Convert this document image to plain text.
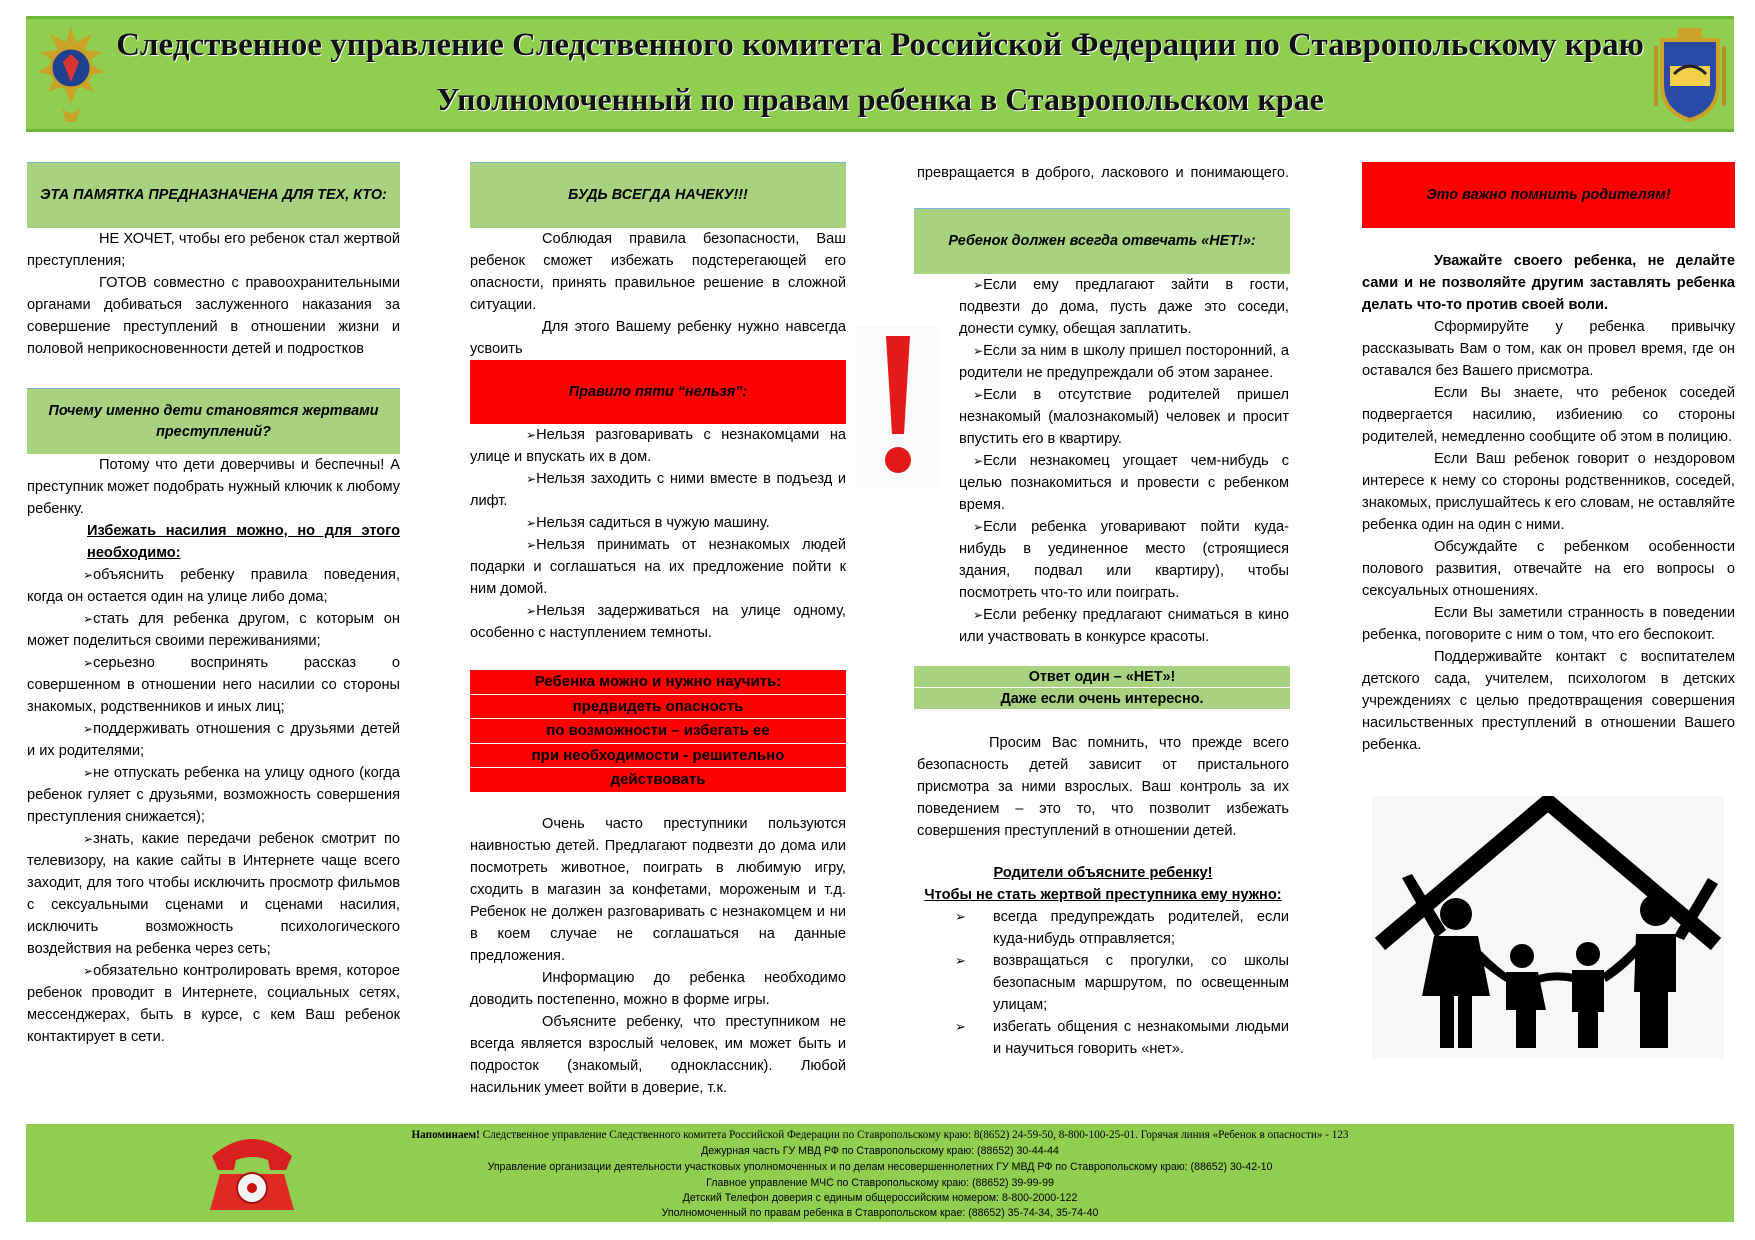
Следственное управление Следственного комитета Российской Федерации по Ставропольскому краю
Уполномоченный по правам ребенка в Ставропольском крае
ЭТА ПАМЯТКА ПРЕДНАЗНАЧЕНА ДЛЯ ТЕХ, КТО:
НЕ ХОЧЕТ, чтобы его ребенок стал жертвой преступления;
ГОТОВ совместно с правоохранительными органами добиваться заслуженного наказания за совершение преступлений в отношении жизни и половой неприкосновенности детей и подростков
Почему именно дети становятся жертвами преступлений?
Потому что дети доверчивы и беспечны! А преступник может подобрать нужный ключик к любому ребенку.
Избежать насилия можно, но для этого необходимо:
➢объяснить ребенку правила поведения, когда он остается один на улице либо дома;
➢стать для ребенка другом, с которым он может поделиться своими переживаниями;
➢серьезно воспринять рассказ о совершенном в отношении него насилии со стороны знакомых, родственников и иных лиц;
➢поддерживать отношения с друзьями детей и их родителями;
➢не отпускать ребенка на улицу одного (когда ребенок гуляет с друзьями, возможность совершения преступления снижается);
➢знать, какие передачи ребенок смотрит по телевизору, на какие сайты в Интернете чаще всего заходит, для того чтобы исключить просмотр фильмов с сексуальными сценами и сценами насилия, исключить возможность психологического воздействия на ребенка через сеть;
➢обязательно контролировать время, которое ребенок проводит в Интернете, социальных сетях, мессенджерах, быть в курсе, с кем Ваш ребенок контактирует в сети.
БУДЬ ВСЕГДА НАЧЕКУ!!!
Соблюдая правила безопасности, Ваш ребенок сможет избежать подстерегающей его опасности, принять правильное решение в сложной ситуации.
Для этого Вашему ребенку нужно навсегда усвоить
Правило пяти “нельзя”:
➢Нельзя разговаривать с незнакомцами на улице и впускать их в дом.
➢Нельзя заходить с ними вместе в подъезд и лифт.
➢Нельзя садиться в чужую машину.
➢Нельзя принимать от незнакомых людей подарки и соглашаться на их предложение пойти к ним домой.
➢Нельзя задерживаться на улице одному, особенно с наступлением темноты.
Ребенка можно и нужно научить:
предвидеть опасность
по возможности – избегать ее
при необходимости - решительно
действовать
Очень часто преступники пользуются наивностью детей. Предлагают подвезти до дома или посмотреть животное, поиграть в любимую игру, сходить в магазин за конфетами, мороженым и т.д. Ребенок не должен разговаривать с незнакомцем и ни в коем случае не соглашаться на данные предложения.
Информацию до ребенка необходимо доводить постепенно, можно в форме игры.
Объясните ребенку, что преступником не всегда является взрослый человек, им может быть и подросток (знакомый, одноклассник). Любой насильник умеет войти в доверие, т.к.
превращается в доброго, ласкового и понимающего.
Ребенок должен всегда отвечать «НЕТ!»:
➢Если ему предлагают зайти в гости, подвезти до дома, пусть даже это соседи, донести сумку, обещая заплатить.
➢Если за ним в школу пришел посторонний, а родители не предупреждали об этом заранее.
➢Если в отсутствие родителей пришел незнакомый (малознакомый) человек и просит впустить его в квартиру.
➢Если незнакомец угощает чем-нибудь с целью познакомиться и провести с ребенком время.
➢Если ребенка уговаривают пойти куда-нибудь в уединенное место (строящиеся здания, подвал или квартиру), чтобы посмотреть что-то или поиграть.
➢Если ребенку предлагают сниматься в кино или участвовать в конкурсе красоты.
Ответ один – «НЕТ»!
Даже если очень интересно.
Просим Вас помнить, что прежде всего безопасность детей зависит от пристального присмотра за ними взрослых. Ваш контроль за их поведением – это то, что позволит избежать совершения преступлений в отношении детей.
Родители объясните ребенку!
Чтобы не стать жертвой преступника ему нужно:
➢	всегда предупреждать родителей, если куда-нибудь отправляется;
➢	возвращаться с прогулки, со школы безопасным маршрутом, по освещенным улицам;
➢	избегать общения с незнакомыми людьми и научиться говорить «нет».
Это важно помнить родителям!
Уважайте своего ребенка, не делайте сами и не позволяйте другим заставлять ребенка делать что-то против своей воли.
Сформируйте у ребенка привычку рассказывать Вам о том, как он провел время, где он оставался без Вашего присмотра.
Если Вы знаете, что ребенок соседей подвергается насилию, избиению со стороны родителей, немедленно сообщите об этом в полицию.
Если Ваш ребенок говорит о нездоровом интересе к нему со стороны родственников, соседей, знакомых, прислушайтесь к его словам, не оставляйте ребенка один на один с ними.
Обсуждайте с ребенком особенности полового развития, отвечайте на его вопросы о сексуальных отношениях.
Если Вы заметили странность в поведении ребенка, поговорите с ним о том, что его беспокоит.
Поддерживайте контакт с воспитателем детского сада, учителем, психологом в детских учреждениях с целью предотвращения совершения насильственных преступлений в отношении Вашего ребенка.
Напоминаем! Следственное управление Следственного комитета Российской Федерации по Ставропольскому краю: 8(8652) 24-59-50, 8-800-100-25-01. Горячая линия «Ребенок в опасности» - 123
Дежурная часть ГУ МВД РФ по Ставропольскому краю: (88652) 30-44-44
Управление организации деятельности участковых уполномоченных и по делам несовершеннолетних ГУ МВД РФ по Ставропольскому краю: (88652) 30-42-10
Главное управление МЧС по Ставропольскому краю: (88652) 39-99-99
Детский Телефон доверия с единым общероссийским номером: 8-800-2000-122
Уполномоченный по правам ребенка в Ставропольском крае: (88652) 35-74-34, 35-74-40
